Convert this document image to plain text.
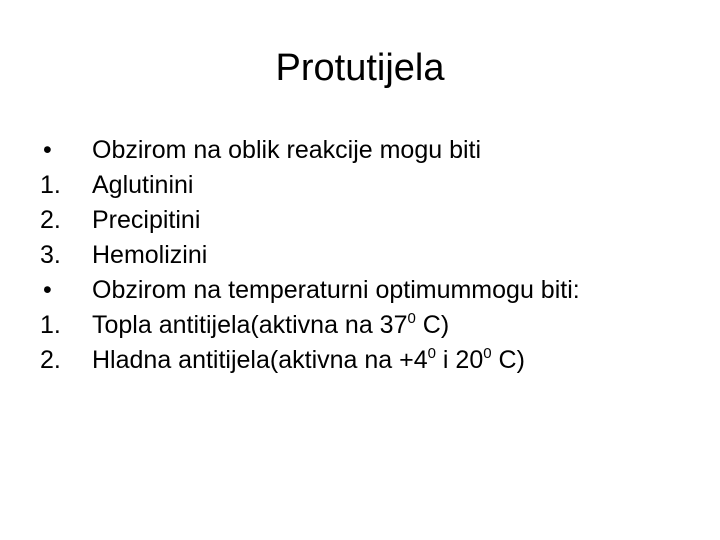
Protutijela
•	Obzirom na oblik reakcije mogu biti
1.	Aglutinini
2.	Precipitini
3.	Hemolizini
•	Obzirom na temperaturni optimummogu biti:
1.	Topla antitijela(aktivna na $37^0$ C)
2.	Hladna antitijela(aktivna na $+4^0$ i $20^0$ C)
